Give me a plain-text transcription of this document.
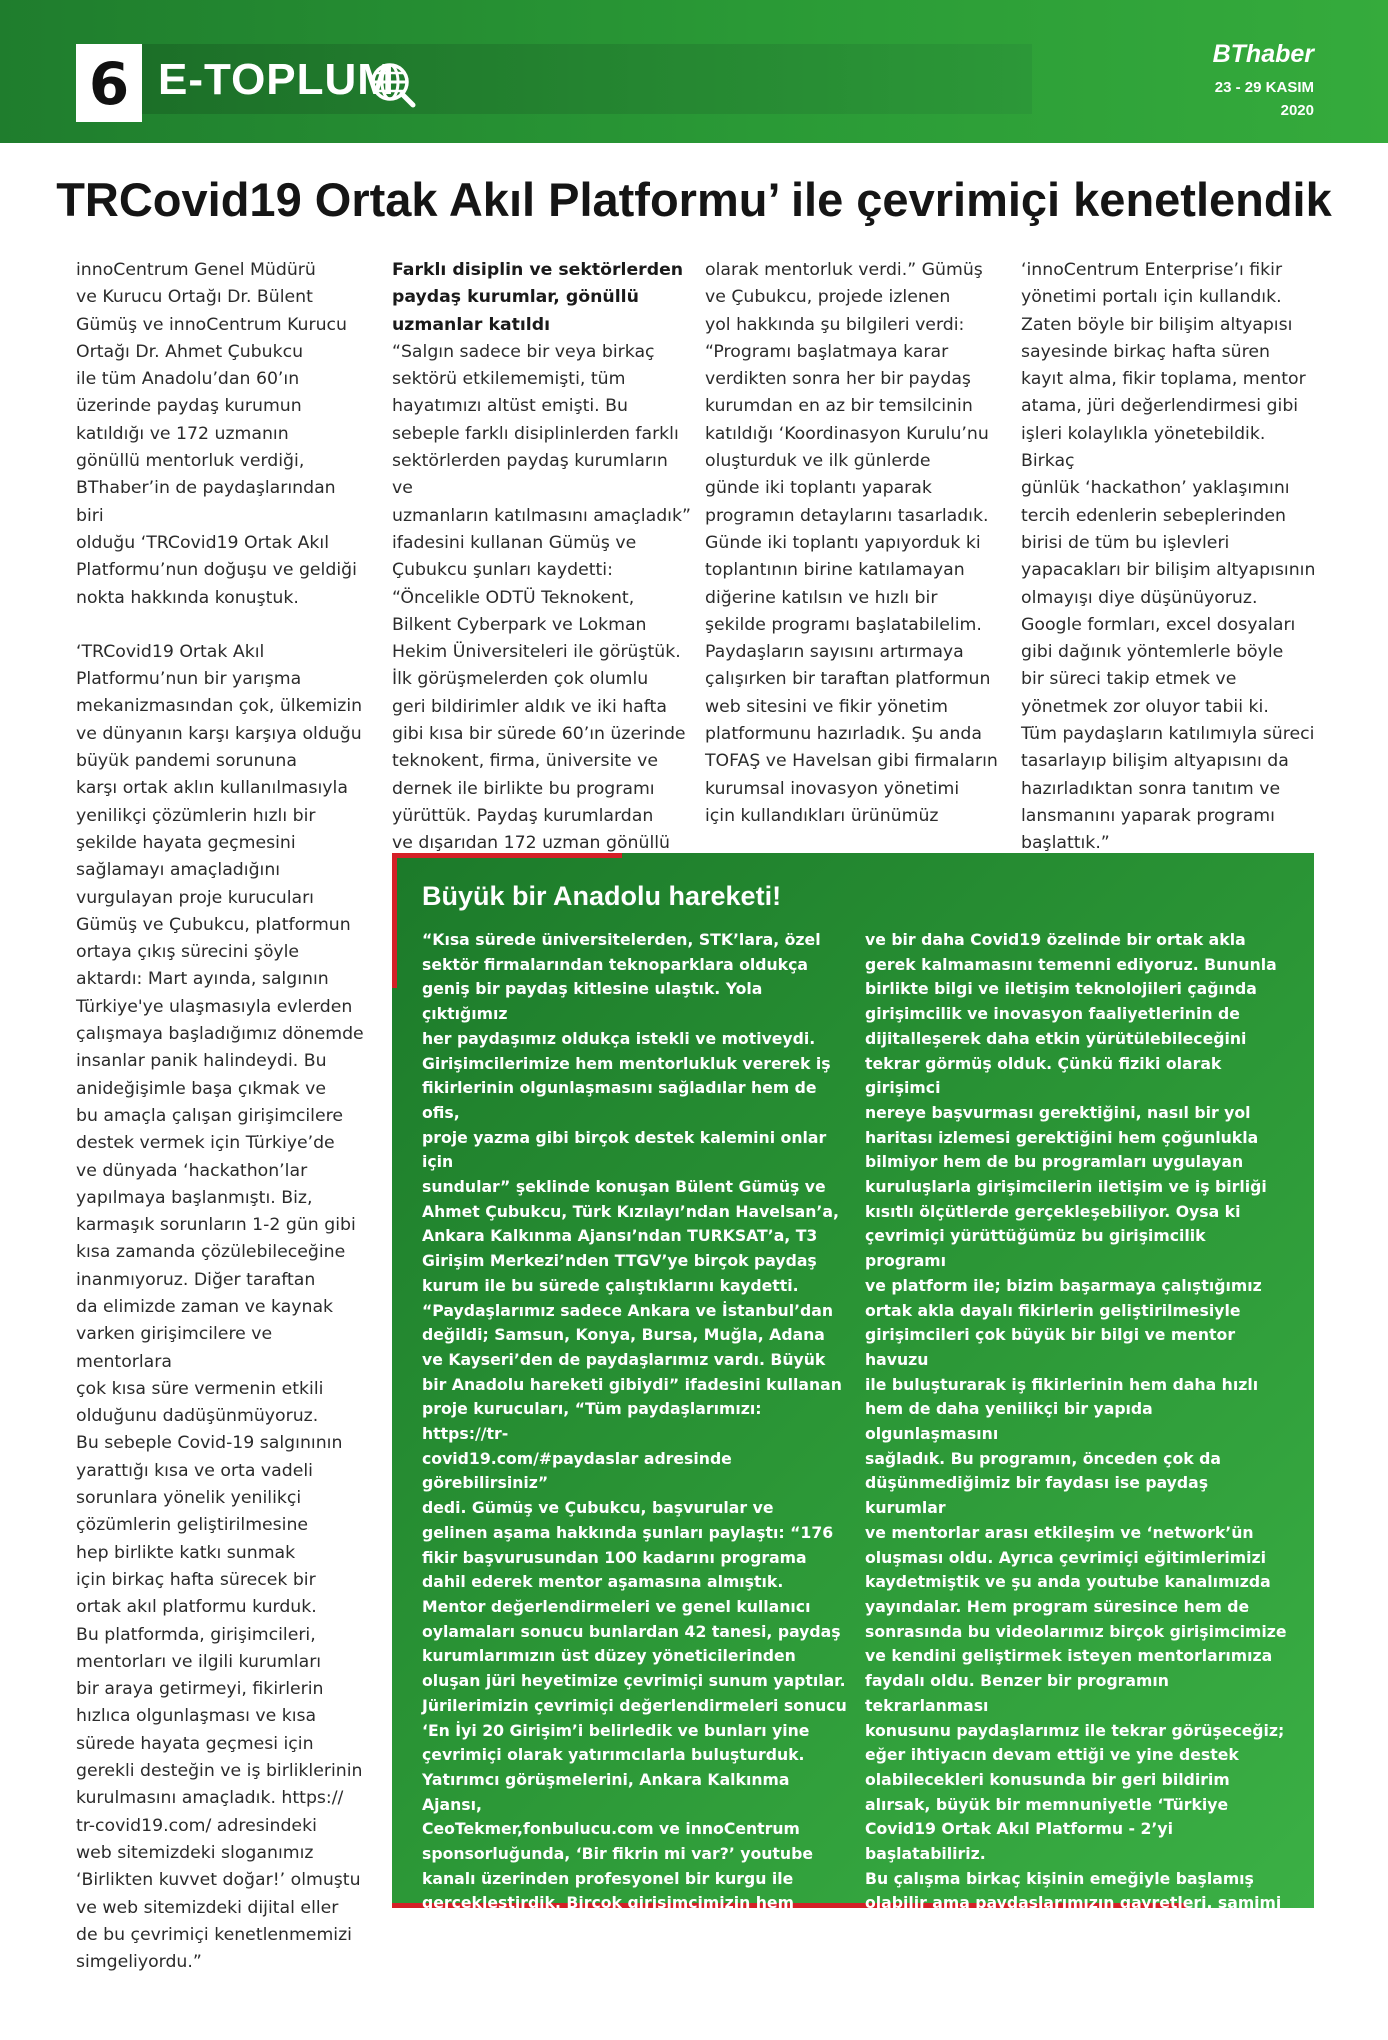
6 E-TOPLUM
BThaber
23 - 29 KASIM
2020
TRCovid19 Ortak Akıl Platformu’ ile çevrimiçi kenetlendik

innoCentrum Genel Müdürü
ve Kurucu Ortağı Dr. Bülent
Gümüş ve innoCentrum Kurucu
Ortağı Dr. Ahmet Çubukcu
ile tüm Anadolu’dan 60’ın
üzerinde paydaş kurumun
katıldığı ve 172 uzmanın
gönüllü mentorluk verdiği,
BThaber’in de paydaşlarından biri
olduğu ‘TRCovid19 Ortak Akıl
Platformu’nun doğuşu ve geldiği
nokta hakkında konuştuk.

‘TRCovid19 Ortak Akıl
Platformu’nun bir yarışma
mekanizmasından çok, ülkemizin
ve dünyanın karşı karşıya olduğu
büyük pandemi sorununa
karşı ortak aklın kullanılmasıyla
yenilikçi çözümlerin hızlı bir
şekilde hayata geçmesini
sağlamayı amaçladığını
vurgulayan proje kurucuları
Gümüş ve Çubukcu, platformun
ortaya çıkış sürecini şöyle
aktardı: Mart ayında, salgının
Türkiye'ye ulaşmasıyla evlerden
çalışmaya başladığımız dönemde
insanlar panik halindeydi. Bu
anideğişimle başa çıkmak ve
bu amaçla çalışan girişimcilere
destek vermek için Türkiye’de
ve dünyada ‘hackathon’lar
yapılmaya başlanmıştı. Biz,
karmaşık sorunların 1-2 gün gibi
kısa zamanda çözülebileceğine
inanmıyoruz. Diğer taraftan
da elimizde zaman ve kaynak
varken girişimcilere ve mentorlara
çok kısa süre vermenin etkili
olduğunu dadüşünmüyoruz.
Bu sebeple Covid-19 salgınının
yarattığı kısa ve orta vadeli
sorunlara yönelik yenilikçi
çözümlerin geliştirilmesine
hep birlikte katkı sunmak
için birkaç hafta sürecek bir
ortak akıl platformu kurduk.
Bu platformda, girişimcileri,
mentorları ve ilgili kurumları
bir araya getirmeyi, fikirlerin
hızlıca olgunlaşması ve kısa
sürede hayata geçmesi için
gerekli desteğin ve iş birliklerinin
kurulmasını amaçladık. https://
tr-covid19.com/ adresindeki
web sitemizdeki sloganımız
‘Birlikten kuvvet doğar!’ olmuştu
ve web sitemizdeki dijital eller
de bu çevrimiçi kenetlenmemizi
simgeliyordu.”

Farklı disiplin ve sektörlerden
paydaş kurumlar, gönüllü
uzmanlar katıldı

“Salgın sadece bir veya birkaç
sektörü etkilememişti, tüm
hayatımızı altüst emişti. Bu
sebeple farklı disiplinlerden farklı
sektörlerden paydaş kurumların ve
uzmanların katılmasını amaçladık”
ifadesini kullanan Gümüş ve
Çubukcu şunları kaydetti:
“Öncelikle ODTÜ Teknokent,
Bilkent Cyberpark ve Lokman
Hekim Üniversiteleri ile görüştük.
İlk görüşmelerden çok olumlu
geri bildirimler aldık ve iki hafta
gibi kısa bir sürede 60’ın üzerinde
teknokent, firma, üniversite ve
dernek ile birlikte bu programı
yürüttük. Paydaş kurumlardan
ve dışarıdan 172 uzman gönüllü

olarak mentorluk verdi.” Gümüş
ve Çubukcu, projede izlenen
yol hakkında şu bilgileri verdi:
“Programı başlatmaya karar
verdikten sonra her bir paydaş
kurumdan en az bir temsilcinin
katıldığı ‘Koordinasyon Kurulu’nu
oluşturduk ve ilk günlerde
günde iki toplantı yaparak
programın detaylarını tasarladık.
Günde iki toplantı yapıyorduk ki
toplantının birine katılamayan
diğerine katılsın ve hızlı bir
şekilde programı başlatabilelim.
Paydaşların sayısını artırmaya
çalışırken bir taraftan platformun
web sitesini ve fikir yönetim
platformunu hazırladık. Şu anda
TOFAŞ ve Havelsan gibi firmaların
kurumsal inovasyon yönetimi
için kullandıkları ürünümüz

‘innoCentrum Enterprise’ı fikir
yönetimi portalı için kullandık.
Zaten böyle bir bilişim altyapısı
sayesinde birkaç hafta süren
kayıt alma, fikir toplama, mentor
atama, jüri değerlendirmesi gibi
işleri kolaylıkla yönetebildik. Birkaç
günlük ‘hackathon’ yaklaşımını
tercih edenlerin sebeplerinden
birisi de tüm bu işlevleri
yapacakları bir bilişim altyapısının
olmayışı diye düşünüyoruz.
Google formları, excel dosyaları
gibi dağınık yöntemlerle böyle
bir süreci takip etmek ve
yönetmek zor oluyor tabii ki.
Tüm paydaşların katılımıyla süreci
tasarlayıp bilişim altyapısını da
hazırladıktan sonra tanıtım ve
lansmanını yaparak programı
başlattık.”

Büyük bir Anadolu hareketi!
“Kısa sürede üniversitelerden, STK’lara, özel
sektör firmalarından teknoparklara oldukça
geniş bir paydaş kitlesine ulaştık. Yola çıktığımız
her paydaşımız oldukça istekli ve motiveydi.
Girişimcilerimize hem mentorlukluk vererek iş
fikirlerinin olgunlaşmasını sağladılar hem de ofis,
proje yazma gibi birçok destek kalemini onlar için
sundular” şeklinde konuşan Bülent Gümüş ve
Ahmet Çubukcu, Türk Kızılayı’ndan Havelsan’a,
Ankara Kalkınma Ajansı’ndan TURKSAT’a, T3
Girişim Merkezi’nden TTGV’ye birçok paydaş
kurum ile bu sürede çalıştıklarını kaydetti.
“Paydaşlarımız sadece Ankara ve İstanbul’dan
değildi; Samsun, Konya, Bursa, Muğla, Adana
ve Kayseri’den de paydaşlarımız vardı. Büyük
bir Anadolu hareketi gibiydi” ifadesini kullanan
proje kurucuları, “Tüm paydaşlarımızı: https://tr-
covid19.com/#paydaslar adresinde görebilirsiniz”
dedi. Gümüş ve Çubukcu, başvurular ve
gelinen aşama hakkında şunları paylaştı: “176
fikir başvurusundan 100 kadarını programa
dahil ederek mentor aşamasına almıştık.
Mentor değerlendirmeleri ve genel kullanıcı
oylamaları sonucu bunlardan 42 tanesi, paydaş
kurumlarımızın üst düzey yöneticilerinden
oluşan jüri heyetimize çevrimiçi sunum yaptılar.
Jürilerimizin çevrimiçi değerlendirmeleri sonucu
‘En İyi 20 Girişim’i belirledik ve bunları yine
çevrimiçi olarak yatırımcılarla buluşturduk.
Yatırımcı görüşmelerini, Ankara Kalkınma Ajansı,
CeoTekmer,fonbulucu.com ve innoCentrum
sponsorluğunda, ‘Bir fikrin mi var?’ youtube
kanalı üzerinden profesyonel bir kurgu ile
gerçekleştirdik. Birçok girişimcimizin hem
yatırım ağlarıyla görüşmeleri hem de paydaş
kurumlarla iletişim ve iş birlikleri devam
etmekte. Bundan sonraki süreç için öncelikli
olarak pandeminin bir an önce son bulmasını
ve bir daha Covid19 özelinde bir ortak akla
gerek kalmamasını temenni ediyoruz. Bununla
birlikte bilgi ve iletişim teknolojileri çağında
girişimcilik ve inovasyon faaliyetlerinin de
dijitalleşerek daha etkin yürütülebileceğini
tekrar görmüş olduk. Çünkü fiziki olarak girişimci
nereye başvurması gerektiğini, nasıl bir yol
haritası izlemesi gerektiğini hem çoğunlukla
bilmiyor hem de bu programları uygulayan
kuruluşlarla girişimcilerin iletişim ve iş birliği
kısıtlı ölçütlerde gerçekleşebiliyor. Oysa ki
çevrimiçi yürüttüğümüz bu girişimcilik programı
ve platform ile; bizim başarmaya çalıştığımız
ortak akla dayalı fikirlerin geliştirilmesiyle
girişimcileri çok büyük bir bilgi ve mentor havuzu
ile buluşturarak iş fikirlerinin hem daha hızlı
hem de daha yenilikçi bir yapıda olgunlaşmasını
sağladık. Bu programın, önceden çok da
düşünmediğimiz bir faydası ise paydaş kurumlar
ve mentorlar arası etkileşim ve ‘network’ün
oluşması oldu. Ayrıca çevrimiçi eğitimlerimizi
kaydetmiştik ve şu anda youtube kanalımızda
yayındalar. Hem program süresince hem de
sonrasında bu videolarımız birçok girişimcimize
ve kendini geliştirmek isteyen mentorlarımıza
faydalı oldu. Benzer bir programın tekrarlanması
konusunu paydaşlarımız ile tekrar görüşeceğiz;
eğer ihtiyacın devam ettiği ve yine destek
olabilecekleri konusunda bir geri bildirim
alırsak, büyük bir memnuniyetle ‘Türkiye
Covid19 Ortak Akıl Platformu - 2’yi başlatabiliriz.
Bu çalışma birkaç kişinin emeğiyle başlamış
olabilir ama paydaşlarımızın gayretleri, samimi
destekleri ve güler yüzleriyle projeyi başarıyla
tamamlayabildik.Ayrıca ortak akıl ve açık
inovasyon bilincinin de kriz dönemleri gibi
zamanlarda katalizör etkisi gösterip giderek
artması oldukça sevindirici.”
